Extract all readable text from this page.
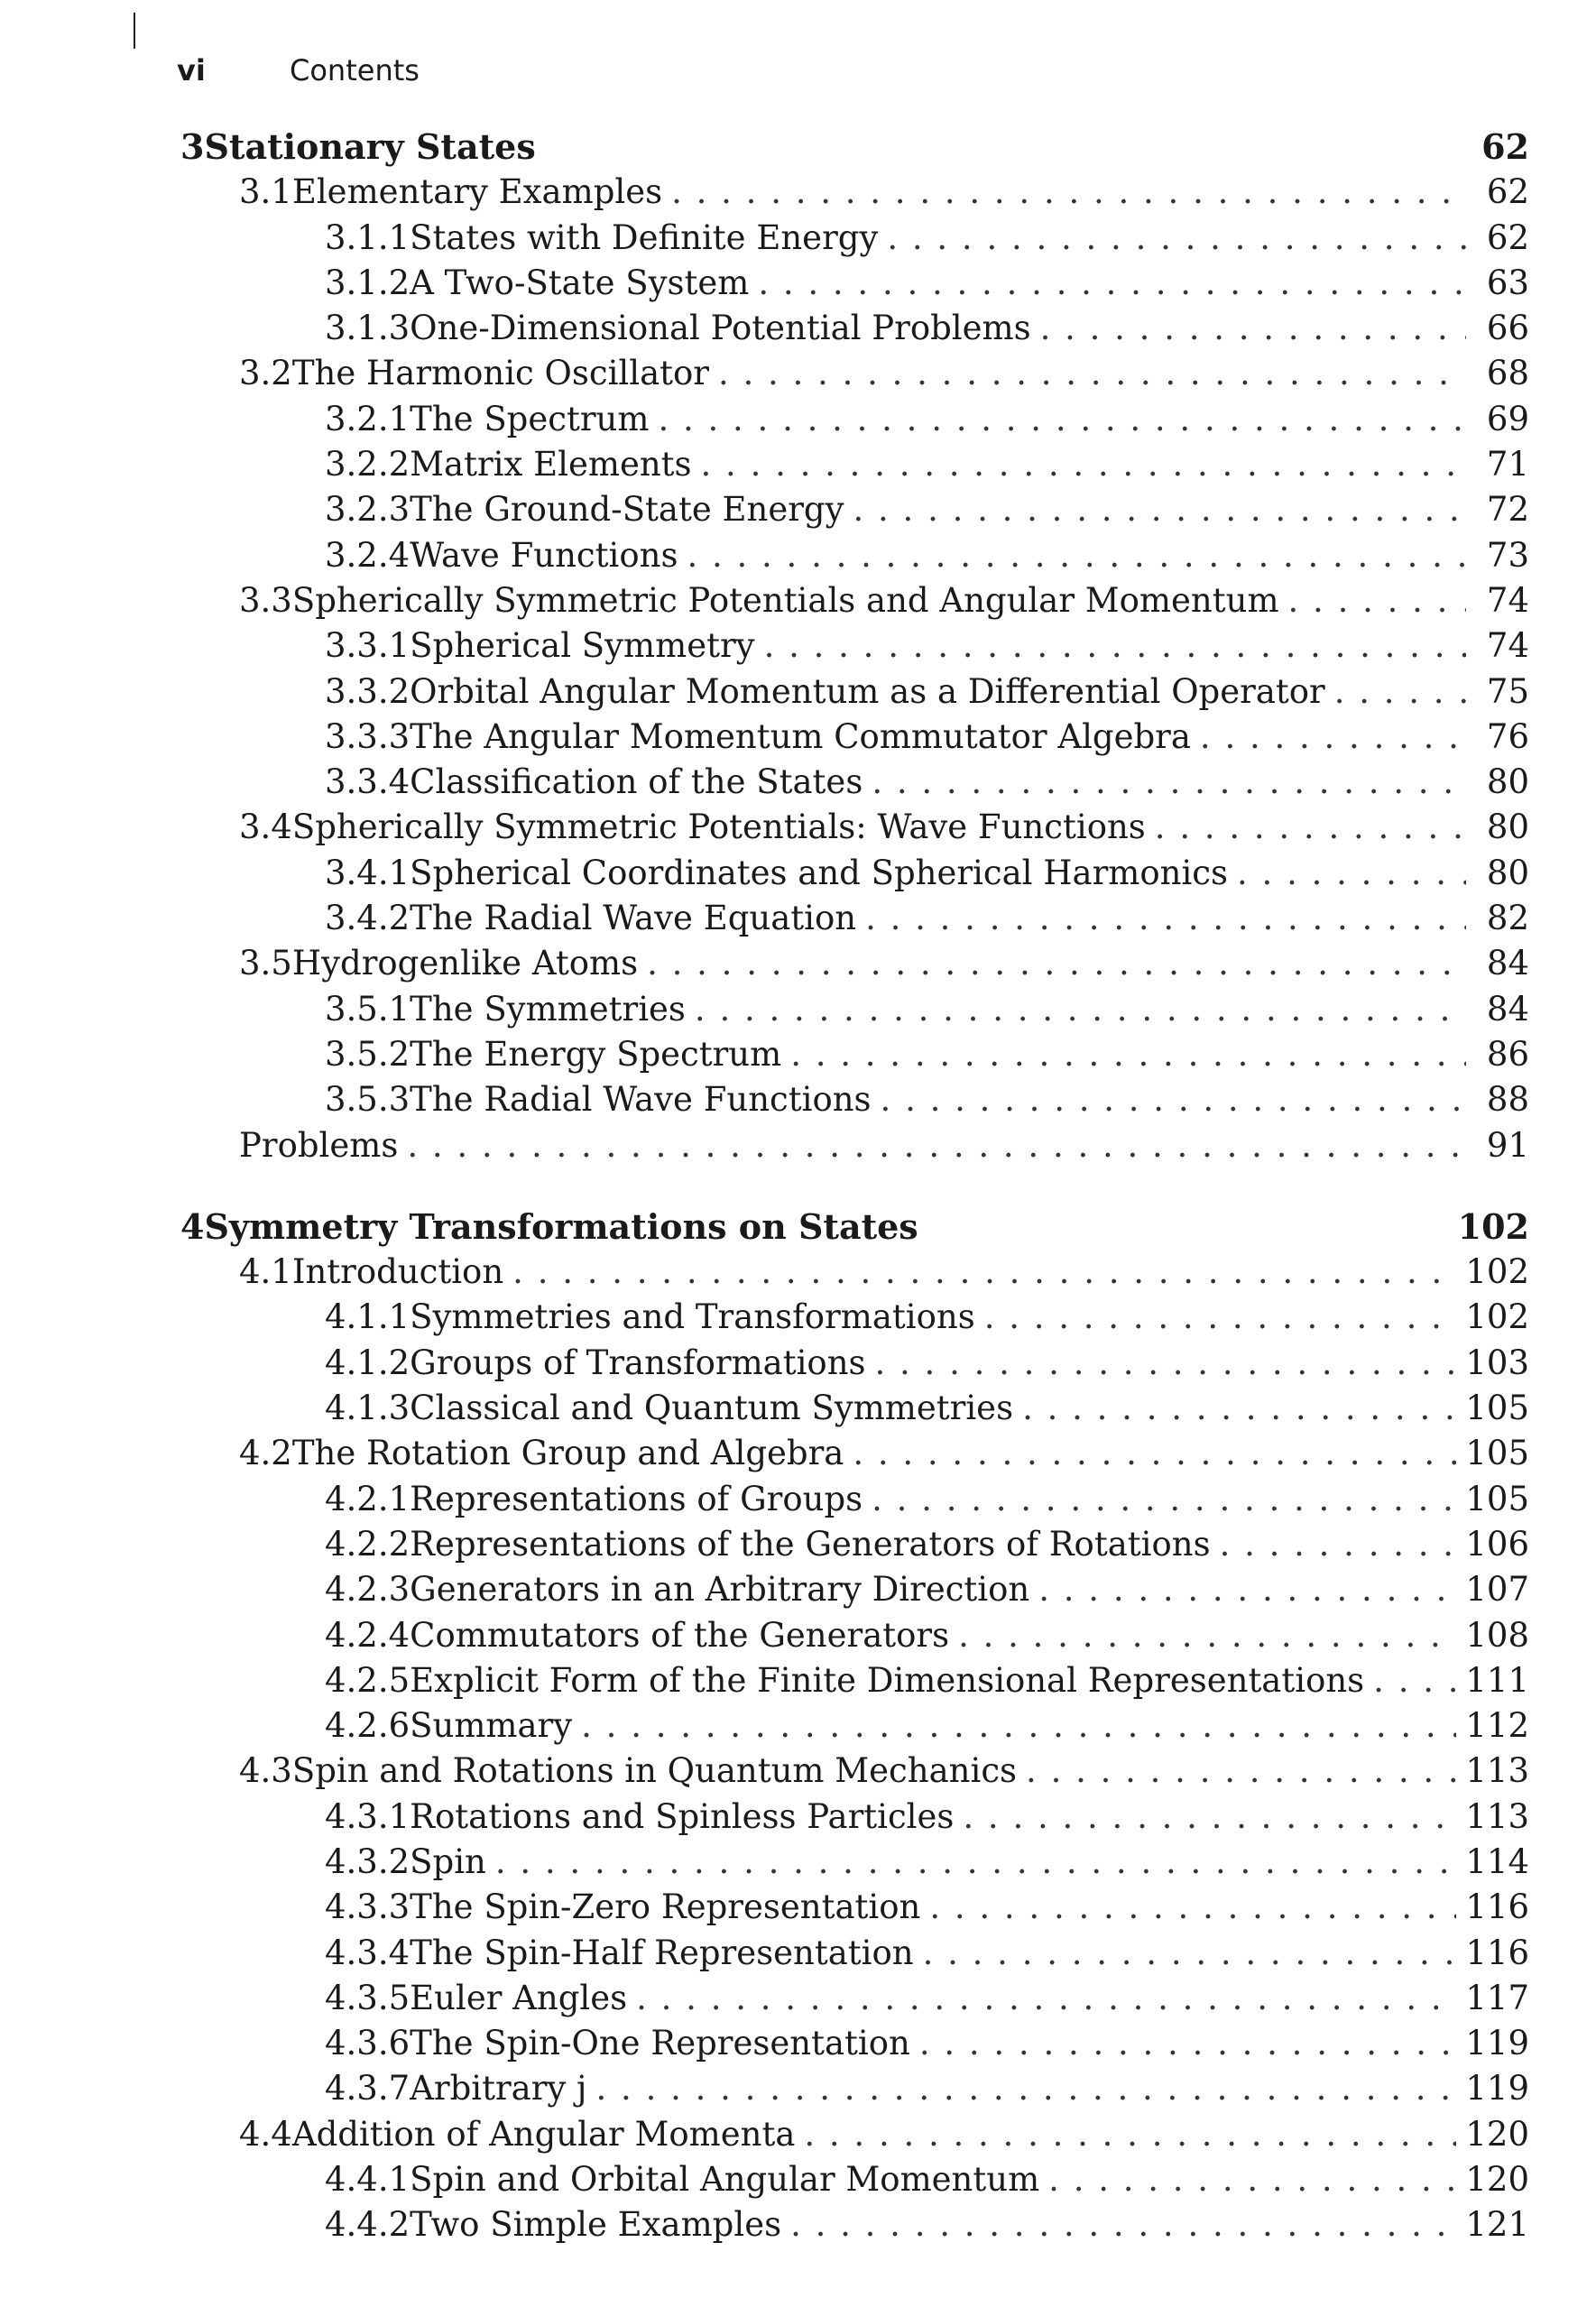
vi	Contents
3 Stationary States	62
3.1 Elementary Examples . . .	62
3.1.1 States with Definite Energy . . .	62
3.1.2 A Two-State System . . .	63
3.1.3 One-Dimensional Potential Problems . . .	66
3.2 The Harmonic Oscillator . . .	68
3.2.1 The Spectrum . . .	69
3.2.2 Matrix Elements . . .	71
3.2.3 The Ground-State Energy . . .	72
3.2.4 Wave Functions . . .	73
3.3 Spherically Symmetric Potentials and Angular Momentum . . .	74
3.3.1 Spherical Symmetry . . .	74
3.3.2 Orbital Angular Momentum as a Differential Operator . . .	75
3.3.3 The Angular Momentum Commutator Algebra . . .	76
3.3.4 Classification of the States . . .	80
3.4 Spherically Symmetric Potentials: Wave Functions . . .	80
3.4.1 Spherical Coordinates and Spherical Harmonics . . .	80
3.4.2 The Radial Wave Equation . . .	82
3.5 Hydrogenlike Atoms . . .	84
3.5.1 The Symmetries . . .	84
3.5.2 The Energy Spectrum . . .	86
3.5.3 The Radial Wave Functions . . .	88
Problems . . .	91
4 Symmetry Transformations on States	102
4.1 Introduction . . .	102
4.1.1 Symmetries and Transformations . . .	102
4.1.2 Groups of Transformations . . .	103
4.1.3 Classical and Quantum Symmetries . . .	105
4.2 The Rotation Group and Algebra . . .	105
4.2.1 Representations of Groups . . .	105
4.2.2 Representations of the Generators of Rotations . . .	106
4.2.3 Generators in an Arbitrary Direction . . .	107
4.2.4 Commutators of the Generators . . .	108
4.2.5 Explicit Form of the Finite Dimensional Representations . . .	111
4.2.6 Summary . . .	112
4.3 Spin and Rotations in Quantum Mechanics . . .	113
4.3.1 Rotations and Spinless Particles . . .	113
4.3.2 Spin . . .	114
4.3.3 The Spin-Zero Representation . . .	116
4.3.4 The Spin-Half Representation . . .	116
4.3.5 Euler Angles . . .	117
4.3.6 The Spin-One Representation . . .	119
4.3.7 Arbitrary j . . .	119
4.4 Addition of Angular Momenta . . .	120
4.4.1 Spin and Orbital Angular Momentum . . .	120
4.4.2 Two Simple Examples . . .	121
